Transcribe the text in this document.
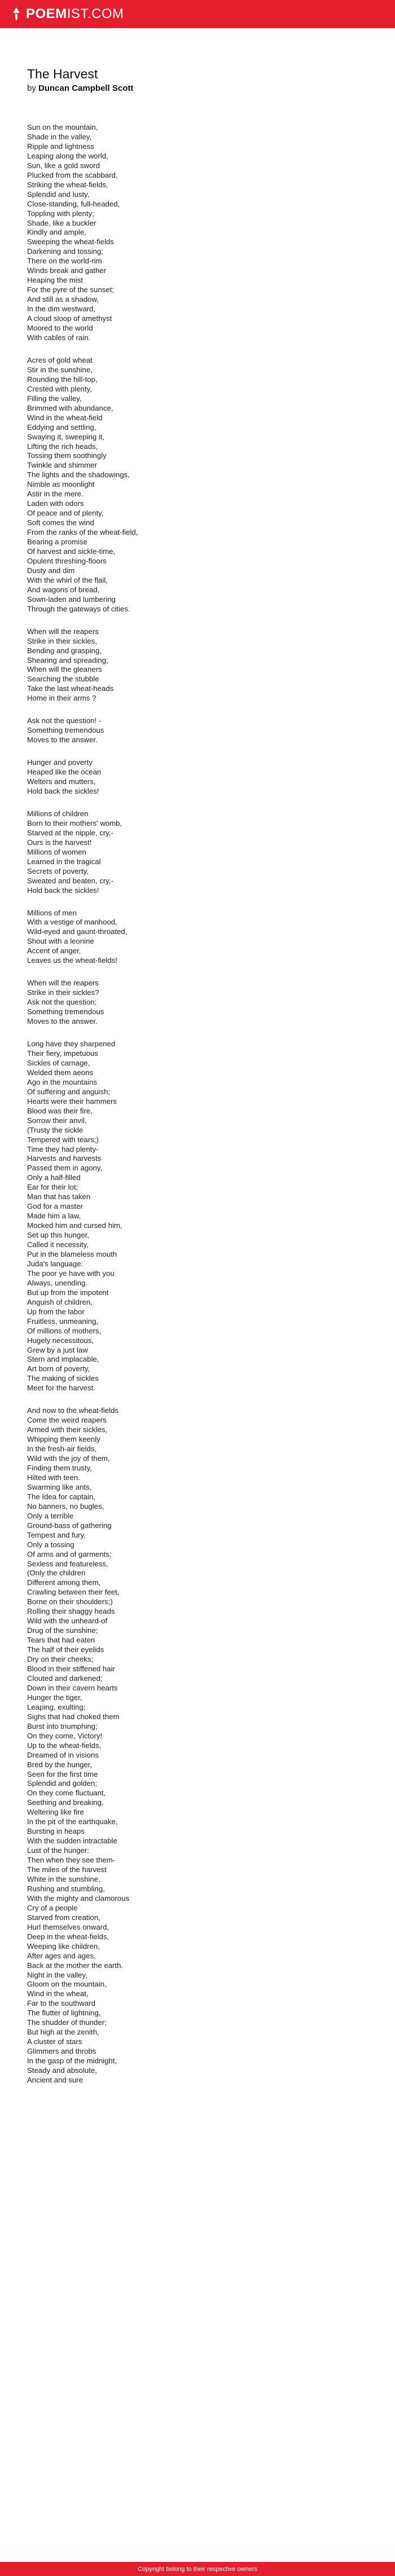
POEMIST.COM
The Harvest
by Duncan Campbell Scott
Sun on the mountain,
Shade in the valley,
Ripple and lightness
Leaping along the world,
Sun, like a gold sword
Plucked from the scabbard,
Striking the wheat-fields,
Splendid and lusty,
Close-standing, full-headed,
Toppling with plenty;
Shade, like a buckler
Kindly and ample,
Sweeping the wheat-fields
Darkening and tossing;
There on the world-rim
Winds break and gather
Heaping the mist
For the pyre of the sunset;
And still as a shadow,
In the dim westward,
A cloud sloop of amethyst
Moored to the world
With cables of rain.
Acres of gold wheat
Stir in the sunshine,
Rounding the hill-top,
Crested with plenty,
Filling the valley,
Brimmed with abundance,
Wind in the wheat-field
Eddying and settling,
Swaying it, sweeping it,
Lifting the rich heads,
Tossing them soothingly
Twinkle and shimmer
The lights and the shadowings,
Nimble as moonlight
Astir in the mere.
Laden with odors
Of peace and of plenty,
Soft comes the wind
From the ranks of the wheat-field,
Bearing a promise
Of harvest and sickle-time,
Opulent threshing-floors
Dusty and dim
With the whirl of the flail,
And wagons of bread,
Sown-laden and lumbering
Through the gateways of cities.
When will the reapers
Strike in their sickles,
Bending and grasping,
Shearing and spreading;
When will the gleaners
Searching the stubble
Take the last wheat-heads
Home in their arms ?
Ask not the question! -
Something tremendous
Moves to the answer.
Hunger and poverty
Heaped like the ocean
Welters and mutters,
Hold back the sickles!
Millions of children
Born to their mothers' womb,
Starved at the nipple, cry,-
Ours is the harvest!
Millions of women
Learned in the tragical
Secrets of poverty,
Sweated and beaten, cry,-
Hold back the sickles!
Millions of men
With a vestige of manhood,
Wild-eyed and gaunt-throated,
Shout with a leonine
Accent of anger,
Leaves us the wheat-fields!
When will the reapers
Strike in their sickles?
Ask not the question;
Something tremendous
Moves to the answer.
Long have they sharpened
Their fiery, impetuous
Sickles of carnage,
Welded them aeons
Ago in the mountains
Of suffering and anguish;
Hearts were their hammers
Blood was their fire,
Sorrow their anvil,
(Trusty the sickle
Tempered with tears;)
Time they had plenty-
Harvests and harvests
Passed them in agony,
Only a half-filled
Ear for their lot;
Man that has taken
God for a master
Made him a law,
Mocked him and cursed him,
Set up this hunger,
Called it necessity,
Put in the blameless mouth
Juda's language:
The poor ye have with you
Always, unending.
But up from the impotent
Anguish of children,
Up from the labor
Fruitless, unmeaning,
Of millions of mothers,
Hugely necessitous,
Grew by a just law
Stern and implacable,
Art born of poverty,
The making of sickles
Meet for the harvest.
And now to the wheat-fields
Come the weird reapers
Armed with their sickles,
Whipping them keenly
In the fresh-air fields,
Wild with the joy of them,
Finding them trusty,
Hilted with teen.
Swarming like ants,
The Idea for captain,
No banners, no bugles,
Only a terrible
Ground-bass of gathering
Tempest and fury,
Only a tossing
Of arms and of garments;
Sexless and featureless,
(Only the children
Different among them,
Crawling between their feet,
Borne on their shoulders;)
Rolling their shaggy heads
Wild with the unheard-of
Drug of the sunshine;
Tears that had eaten
The half of their eyelids
Dry on their cheeks;
Blood in their stiffened hair
Clouted and darkened;
Down in their cavern hearts
Hunger the tiger,
Leaping, exulting;
Sighs that had choked them
Burst into triumphing;
On they come, Victory!
Up to the wheat-fields,
Dreamed of in visions
Bred by the hunger,
Seen for the first time
Splendid and golden;
On they come fluctuant,
Seething and breaking,
Weltering like fire
In the pit of the earthquake,
Bursting in heaps
With the sudden intractable
Lust of the hunger:
Then when they see them-
The miles of the harvest
White in the sunshine,
Rushing and stumbling,
With the mighty and clamorous
Cry of a people
Starved from creation,
Hurl themselves onward,
Deep in the wheat-fields,
Weeping like children,
After ages and ages,
Back at the mother the earth.
Night in the valley,
Gloom on the mountain,
Wind in the wheat,
Far to the southward
The flutter of lightning,
The shudder of thunder;
But high at the zenith,
A cluster of stars
Glimmers and throbs
In the gasp of the midnight,
Steady and absolute,
Ancient and sure
Copyright belong to their respective owners
